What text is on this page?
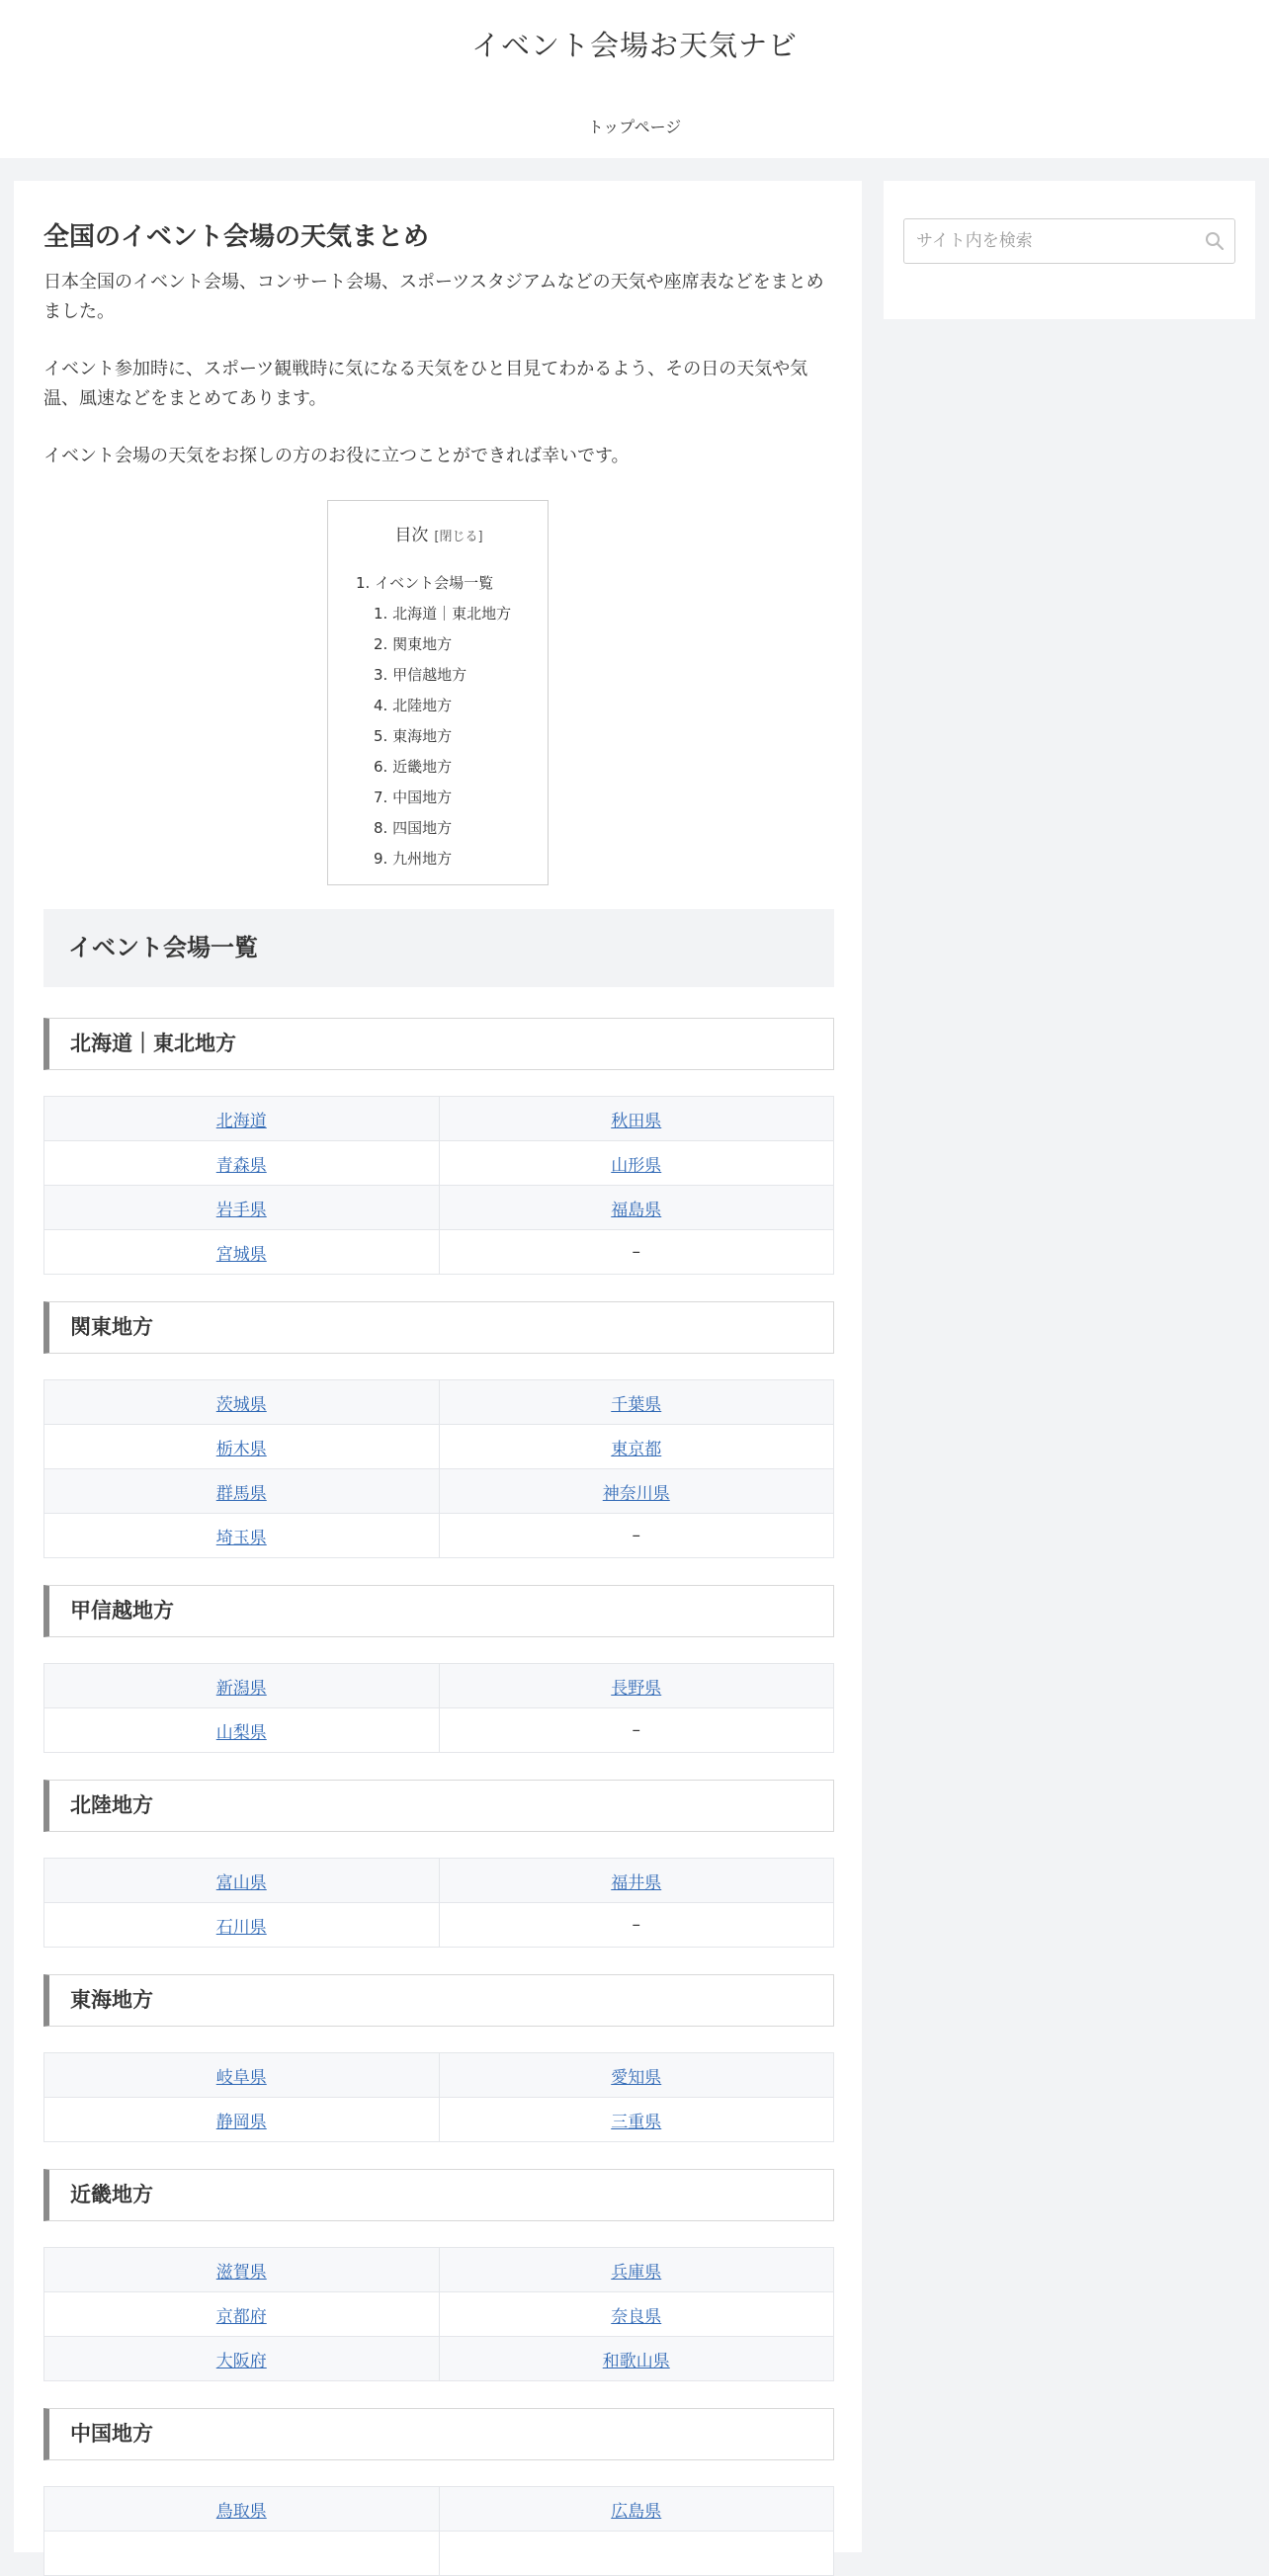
イベント会場お天気ナビ
トップページ
全国のイベント会場の天気まとめ
日本全国のイベント会場、コンサート会場、スポーツスタジアムなどの天気や座席表などをまとめました。
イベント参加時に、スポーツ観戦時に気になる天気をひと目見てわかるよう、その日の天気や気温、風速などをまとめてあります。
イベント会場の天気をお探しの方のお役に立つことができれば幸いです。
目次 [閉じる]
1. イベント会場一覧
1. 北海道｜東北地方
2. 関東地方
3. 甲信越地方
4. 北陸地方
5. 東海地方
6. 近畿地方
7. 中国地方
8. 四国地方
9. 九州地方
イベント会場一覧
北海道｜東北地方
北海道	秋田県
青森県	山形県
岩手県	福島県
宮城県	–
関東地方
茨城県	千葉県
栃木県	東京都
群馬県	神奈川県
埼玉県	–
甲信越地方
新潟県	長野県
山梨県	–
北陸地方
富山県	福井県
石川県	–
東海地方
岐阜県	愛知県
静岡県	三重県
近畿地方
滋賀県	兵庫県
京都府	奈良県
大阪府	和歌山県
中国地方
鳥取県	広島県

サイト内を検索
